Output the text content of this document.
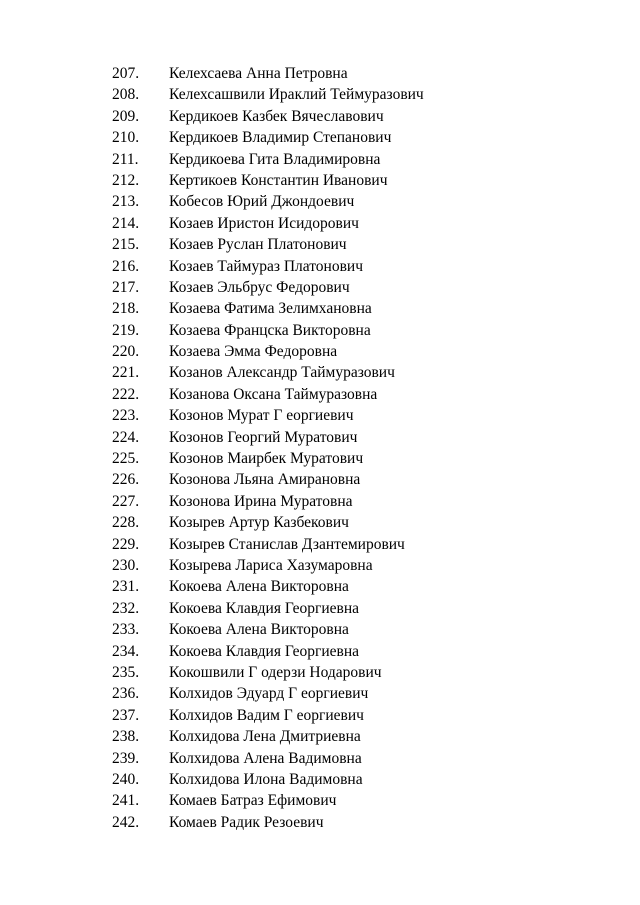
207.	Келехсаева Анна Петровна
208.	Келехсашвили Ираклий Теймуразович
209.	Кердикоев Казбек Вячеславович
210.	Кердикоев Владимир Степанович
211.	Кердикоева Гита Владимировна
212.	Кертикоев Константин Иванович
213.	Кобесов Юрий Джондоевич
214.	Козаев Иристон Исидорович
215.	Козаев Руслан Платонович
216.	Козаев Таймураз Платонович
217.	Козаев Эльбрус Федорович
218.	Козаева Фатима Зелимхановна
219.	Козаева Францска Викторовна
220.	Козаева Эмма Федоровна
221.	Козанов Александр Таймуразович
222.	Козанова Оксана Таймуразовна
223.	Козонов Мурат Г еоргиевич
224.	Козонов Георгий Муратович
225.	Козонов Маирбек Муратович
226.	Козонова Льяна Амирановна
227.	Козонова Ирина Муратовна
228.	Козырев Артур Казбекович
229.	Козырев Станислав Дзантемирович
230.	Козырева Лариса Хазумаровна
231.	Кокоева Алена Викторовна
232.	Кокоева Клавдия Георгиевна
233.	Кокоева Алена Викторовна
234.	Кокоева Клавдия Георгиевна
235.	Кокошвили Г одерзи Нодарович
236.	Колхидов Эдуард Г еоргиевич
237.	Колхидов Вадим Г еоргиевич
238.	Колхидова Лена Дмитриевна
239.	Колхидова Алена Вадимовна
240.	Колхидова Илона Вадимовна
241.	Комаев Батраз Ефимович
242.	Комаев Радик Резоевич
